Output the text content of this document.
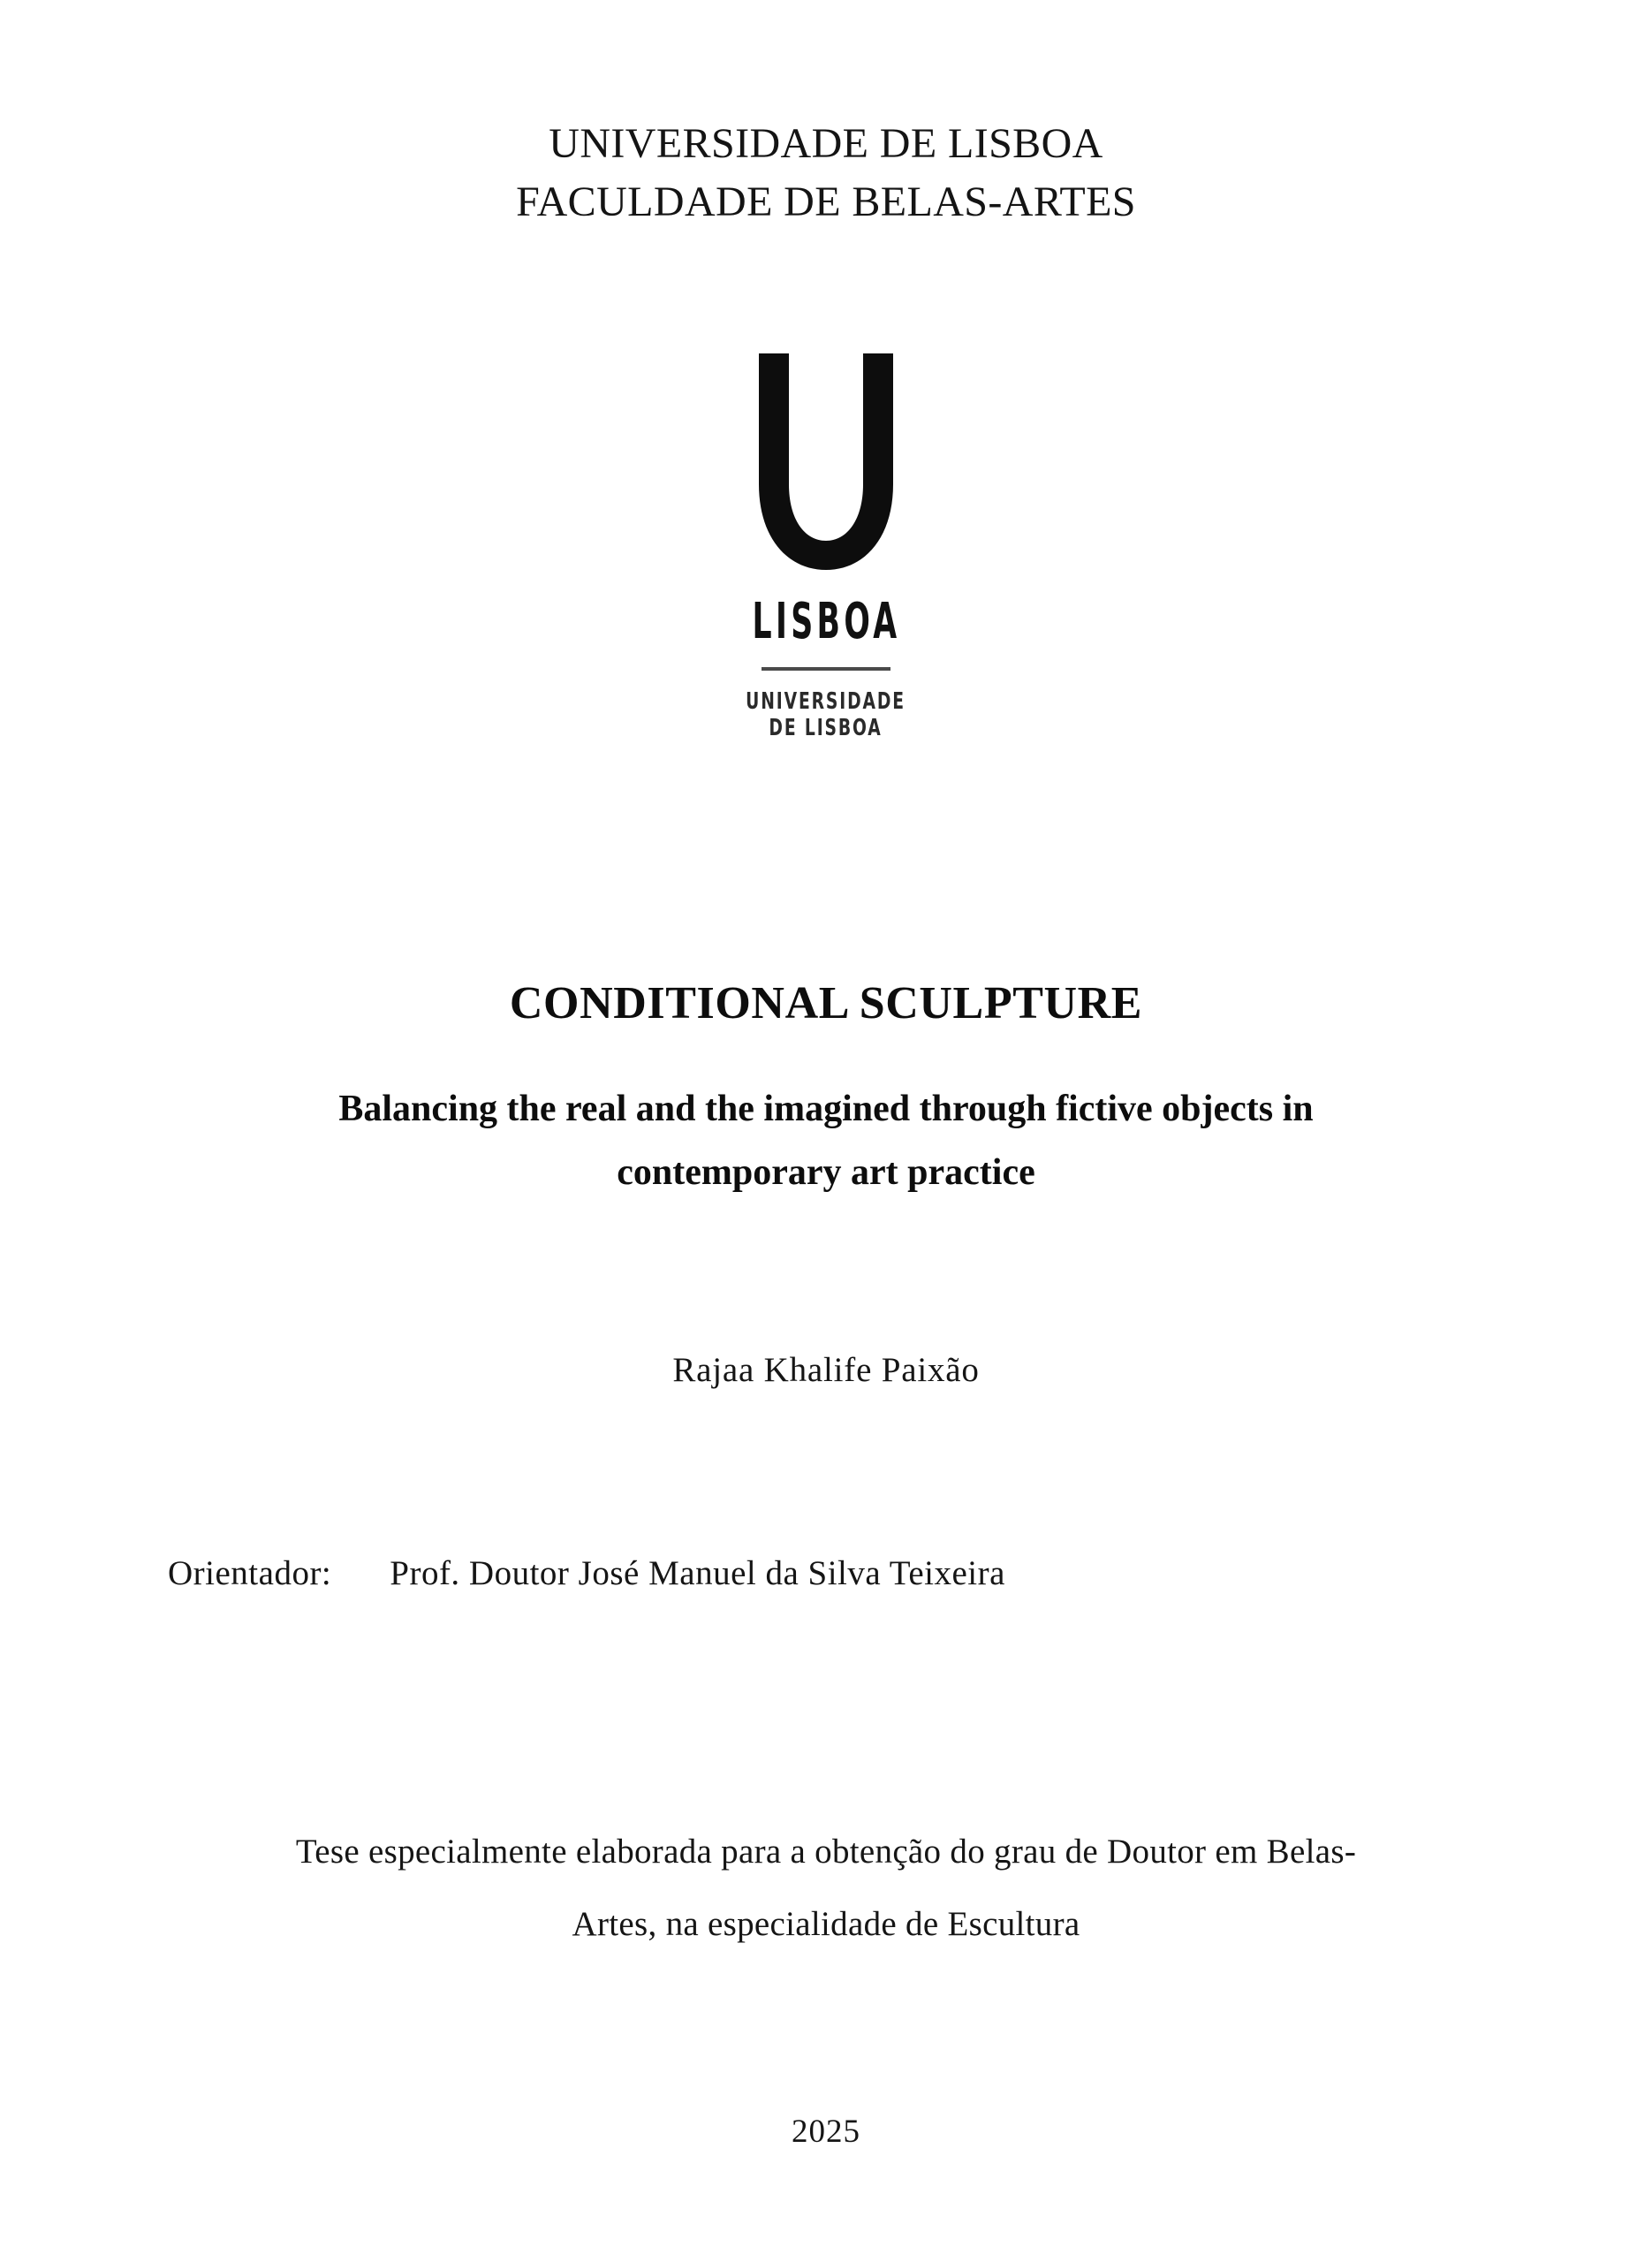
UNIVERSIDADE DE LISBOA
FACULDADE DE BELAS-ARTES
LISBOA
UNIVERSIDADE
DE LISBOA
CONDITIONAL SCULPTURE
Balancing the real and the imagined through fictive objects in
contemporary art practice
Rajaa Khalife Paixão
Orientador: Prof. Doutor José Manuel da Silva Teixeira
Tese especialmente elaborada para a obtenção do grau de Doutor em Belas-
Artes, na especialidade de Escultura
2025
